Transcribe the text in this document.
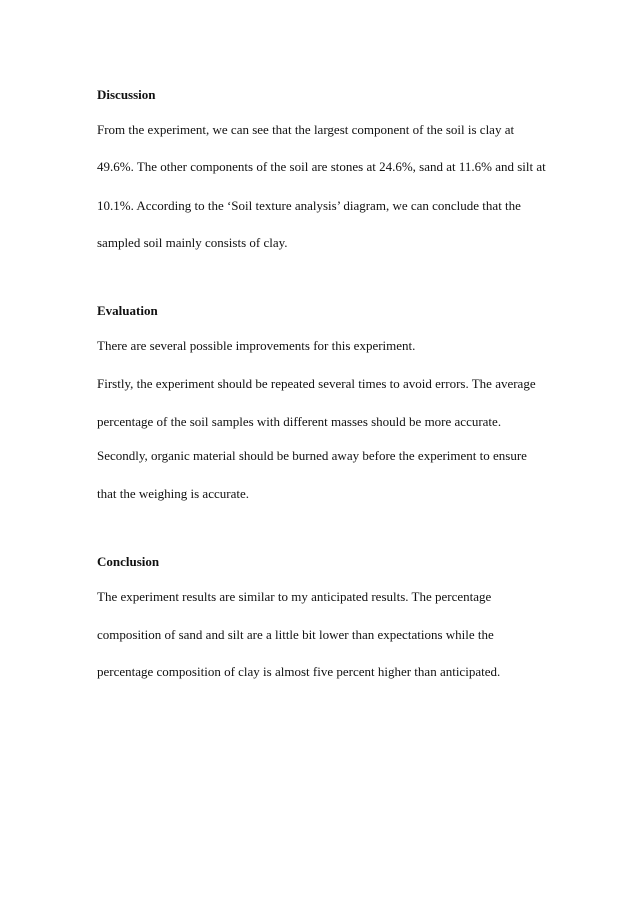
Discussion

From the experiment, we can see that the largest component of the soil is clay at

49.6%. The other components of the soil are stones at 24.6%, sand at 11.6% and silt at

10.1%. According to the ‘Soil texture analysis’ diagram, we can conclude that the

sampled soil mainly consists of clay.

Evaluation

There are several possible improvements for this experiment.

Firstly, the experiment should be repeated several times to avoid errors. The average

percentage of the soil samples with different masses should be more accurate.

Secondly, organic material should be burned away before the experiment to ensure

that the weighing is accurate.

Conclusion

The experiment results are similar to my anticipated results. The percentage

composition of sand and silt are a little bit lower than expectations while the

percentage composition of clay is almost five percent higher than anticipated.
